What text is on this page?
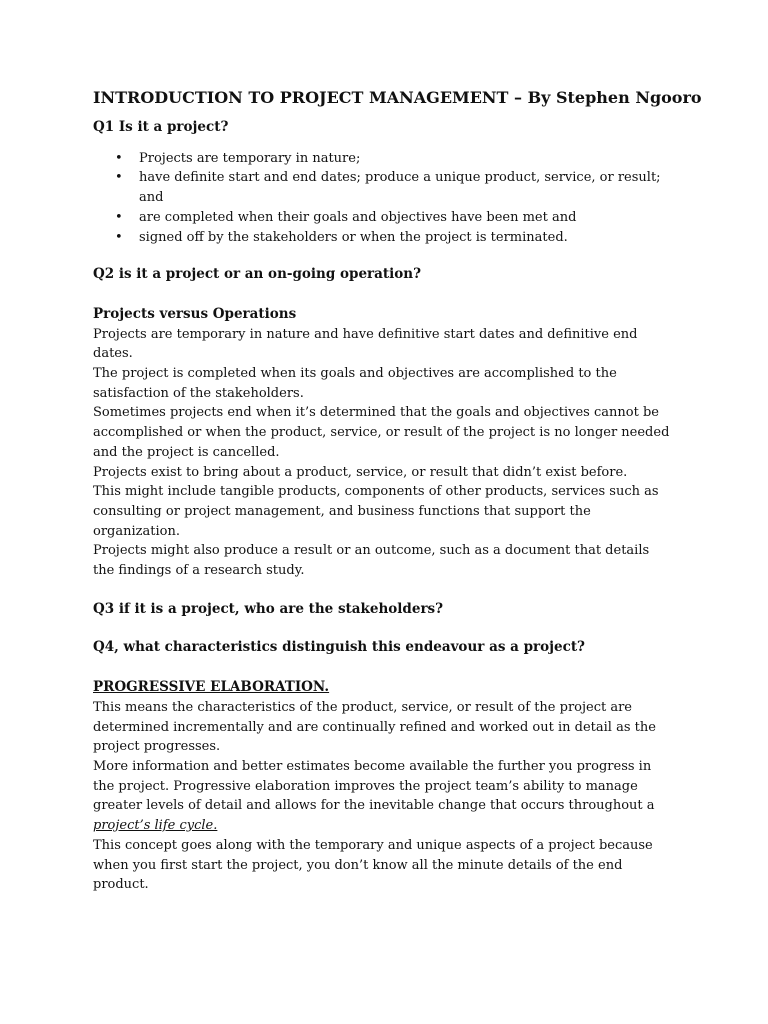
INTRODUCTION TO PROJECT MANAGEMENT – By Stephen Ngooro
Q1 Is it a project?
• Projects are temporary in nature;
• have definite start and end dates; produce a unique product, service, or result; and
• are completed when their goals and objectives have been met and
• signed off by the stakeholders or when the project is terminated.
Q2 is it a project or an on-going operation?
Projects versus Operations

Projects are temporary in nature and have definitive start dates and definitive end dates.

The project is completed when its goals and objectives are accomplished to the satisfaction of the stakeholders.

Sometimes projects end when it’s determined that the goals and objectives cannot be accomplished or when the product, service, or result of the project is no longer needed and the project is cancelled.

Projects exist to bring about a product, service, or result that didn’t exist before.

This might include tangible products, components of other products, services such as consulting or project management, and business functions that support the organization.

Projects might also produce a result or an outcome, such as a document that details the findings of a research study.

Q3 if it is a project, who are the stakeholders?
Q4, what characteristics distinguish this endeavour as a project?
PROGRESSIVE ELABORATION.

This means the characteristics of the product, service, or result of the project are determined incrementally and are continually refined and worked out in detail as the project progresses.

More information and better estimates become available the further you progress in the project. Progressive elaboration improves the project team’s ability to manage greater levels of detail and allows for the inevitable change that occurs throughout a project’s life cycle.

This concept goes along with the temporary and unique aspects of a project because when you first start the project, you don’t know all the minute details of the end product.
